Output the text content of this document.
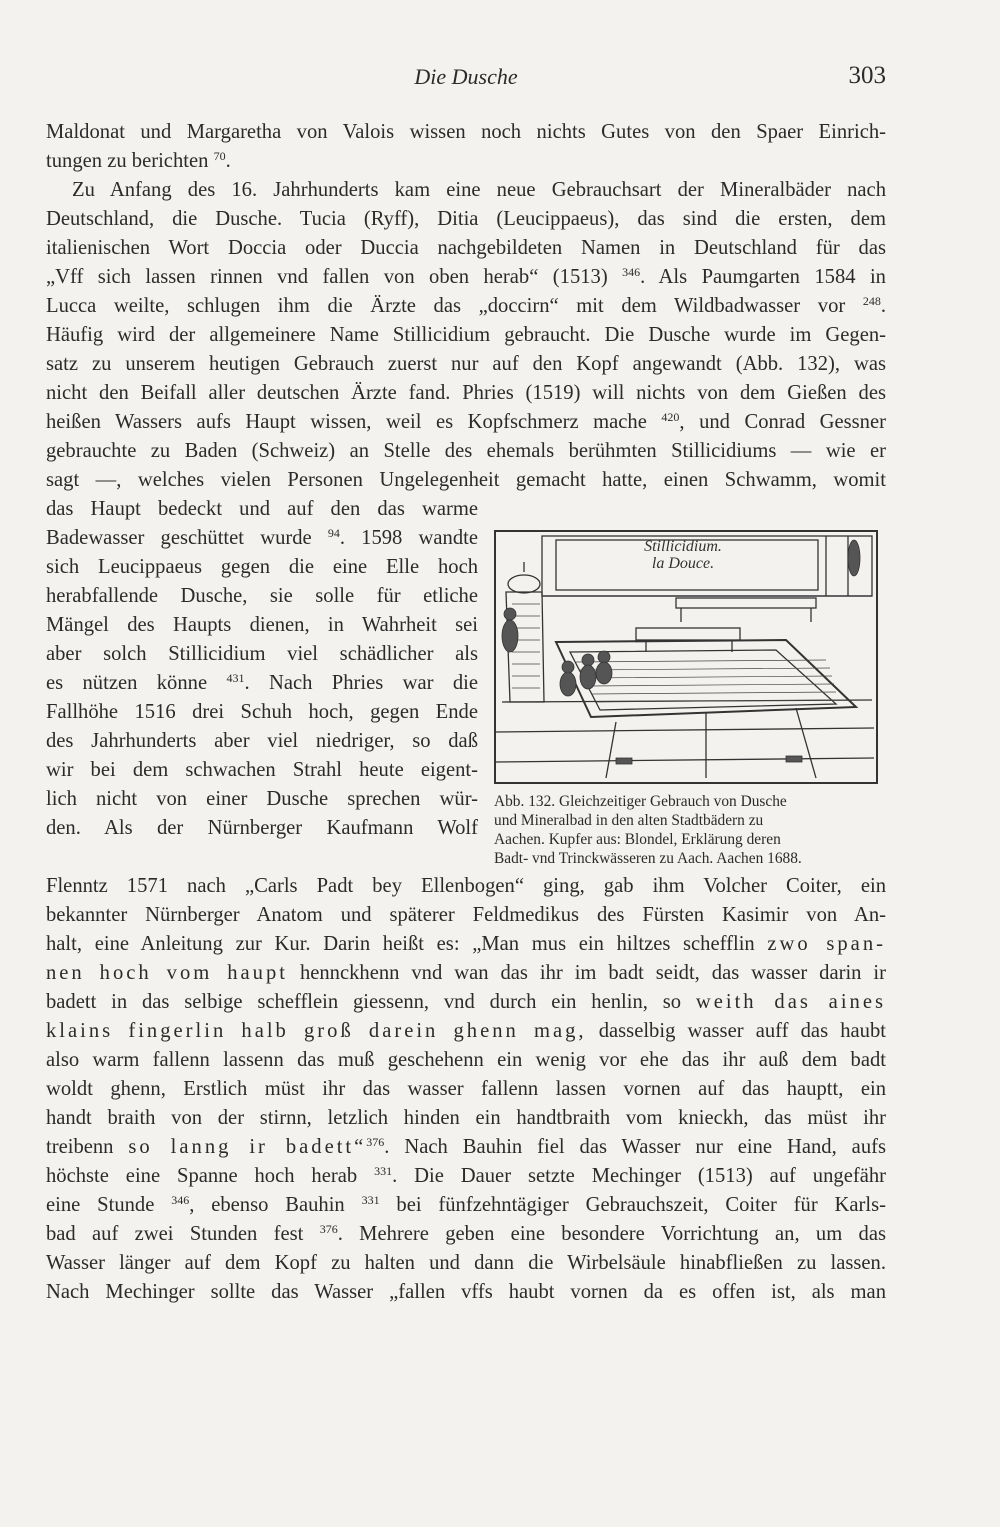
Die Dusche	303
Maldonat und Margaretha von Valois wissen noch nichts Gutes von den Spaer Einrich-
tungen zu berichten $^{70}$.
Zu Anfang des 16. Jahrhunderts kam eine neue Gebrauchsart der Mineralbäder nach
Deutschland, die Dusche. Tucia (Ryff), Ditia (Leucippaeus), das sind die ersten, dem
italienischen Wort Doccia oder Duccia nachgebildeten Namen in Deutschland für das
„Vff sich lassen rinnen vnd fallen von oben herab“ (1513) $^{346}$. Als Paumgarten 1584 in
Lucca weilte, schlugen ihm die Ärzte das „doccirn“ mit dem Wildbadwasser vor $^{248}$.
Häufig wird der allgemeinere Name Stillicidium gebraucht. Die Dusche wurde im Gegen-
satz zu unserem heutigen Gebrauch zuerst nur auf den Kopf angewandt (Abb. 132), was
nicht den Beifall aller deutschen Ärzte fand. Phries (1519) will nichts von dem Gießen des
heißen Wassers aufs Haupt wissen, weil es Kopfschmerz mache $^{420}$, und Conrad Gessner
gebrauchte zu Baden (Schweiz) an Stelle des ehemals berühmten Stillicidiums — wie er
sagt —, welches vielen Personen Ungelegenheit gemacht hatte, einen Schwamm, womit
das Haupt bedeckt und auf den das warme
Badewasser geschüttet wurde $^{94}$. 1598 wandte
sich Leucippaeus gegen die eine Elle hoch
herabfallende Dusche, sie solle für etliche
Mängel des Haupts dienen, in Wahrheit sei
aber solch Stillicidium viel schädlicher als
es nützen könne $^{431}$. Nach Phries war die
Fallhöhe 1516 drei Schuh hoch, gegen Ende
des Jahrhunderts aber viel niedriger, so daß
wir bei dem schwachen Strahl heute eigent-
lich nicht von einer Dusche sprechen wür-
den. Als der Nürnberger Kaufmann Wolf
Stillicidium.
la Douce.
Abb. 132. Gleichzeitiger Gebrauch von Dusche
und Mineralbad in den alten Stadtbädern zu
Aachen. Kupfer aus: Blondel, Erklärung deren
Badt- vnd Trinckwässeren zu Aach. Aachen 1688.
Flenntz 1571 nach „Carls Padt bey Ellenbogen“ ging, gab ihm Volcher Coiter, ein
bekannter Nürnberger Anatom und späterer Feldmedikus des Fürsten Kasimir von An-
halt, eine Anleitung zur Kur. Darin heißt es: „Man mus ein hiltzes schefflin zwo span-
nen hoch vom haupt hennckhenn vnd wan das ihr im badt seidt, das wasser darin ir
badett in das selbige schefflein giessenn, vnd durch ein henlin, so weith das aines
klains fingerlin halb groß darein ghenn mag, dasselbig wasser auff das haubt
also warm fallenn lassenn das muß geschehenn ein wenig vor ehe das ihr auß dem badt
woldt ghenn, Erstlich müst ihr das wasser fallenn lassen vornen auf das hauptt, ein
handt braith von der stirnn, letzlich hinden ein handtbraith vom knieckh, das müst ihr
treibenn so lanng ir badett“$^{376}$. Nach Bauhin fiel das Wasser nur eine Hand, aufs
höchste eine Spanne hoch herab $^{331}$. Die Dauer setzte Mechinger (1513) auf ungefähr
eine Stunde $^{346}$, ebenso Bauhin $^{331}$ bei fünfzehntägiger Gebrauchszeit, Coiter für Karls-
bad auf zwei Stunden fest $^{376}$. Mehrere geben eine besondere Vorrichtung an, um das
Wasser länger auf dem Kopf zu halten und dann die Wirbelsäule hinabfließen zu lassen.
Nach Mechinger sollte das Wasser „fallen vffs haubt vornen da es offen ist, als man
